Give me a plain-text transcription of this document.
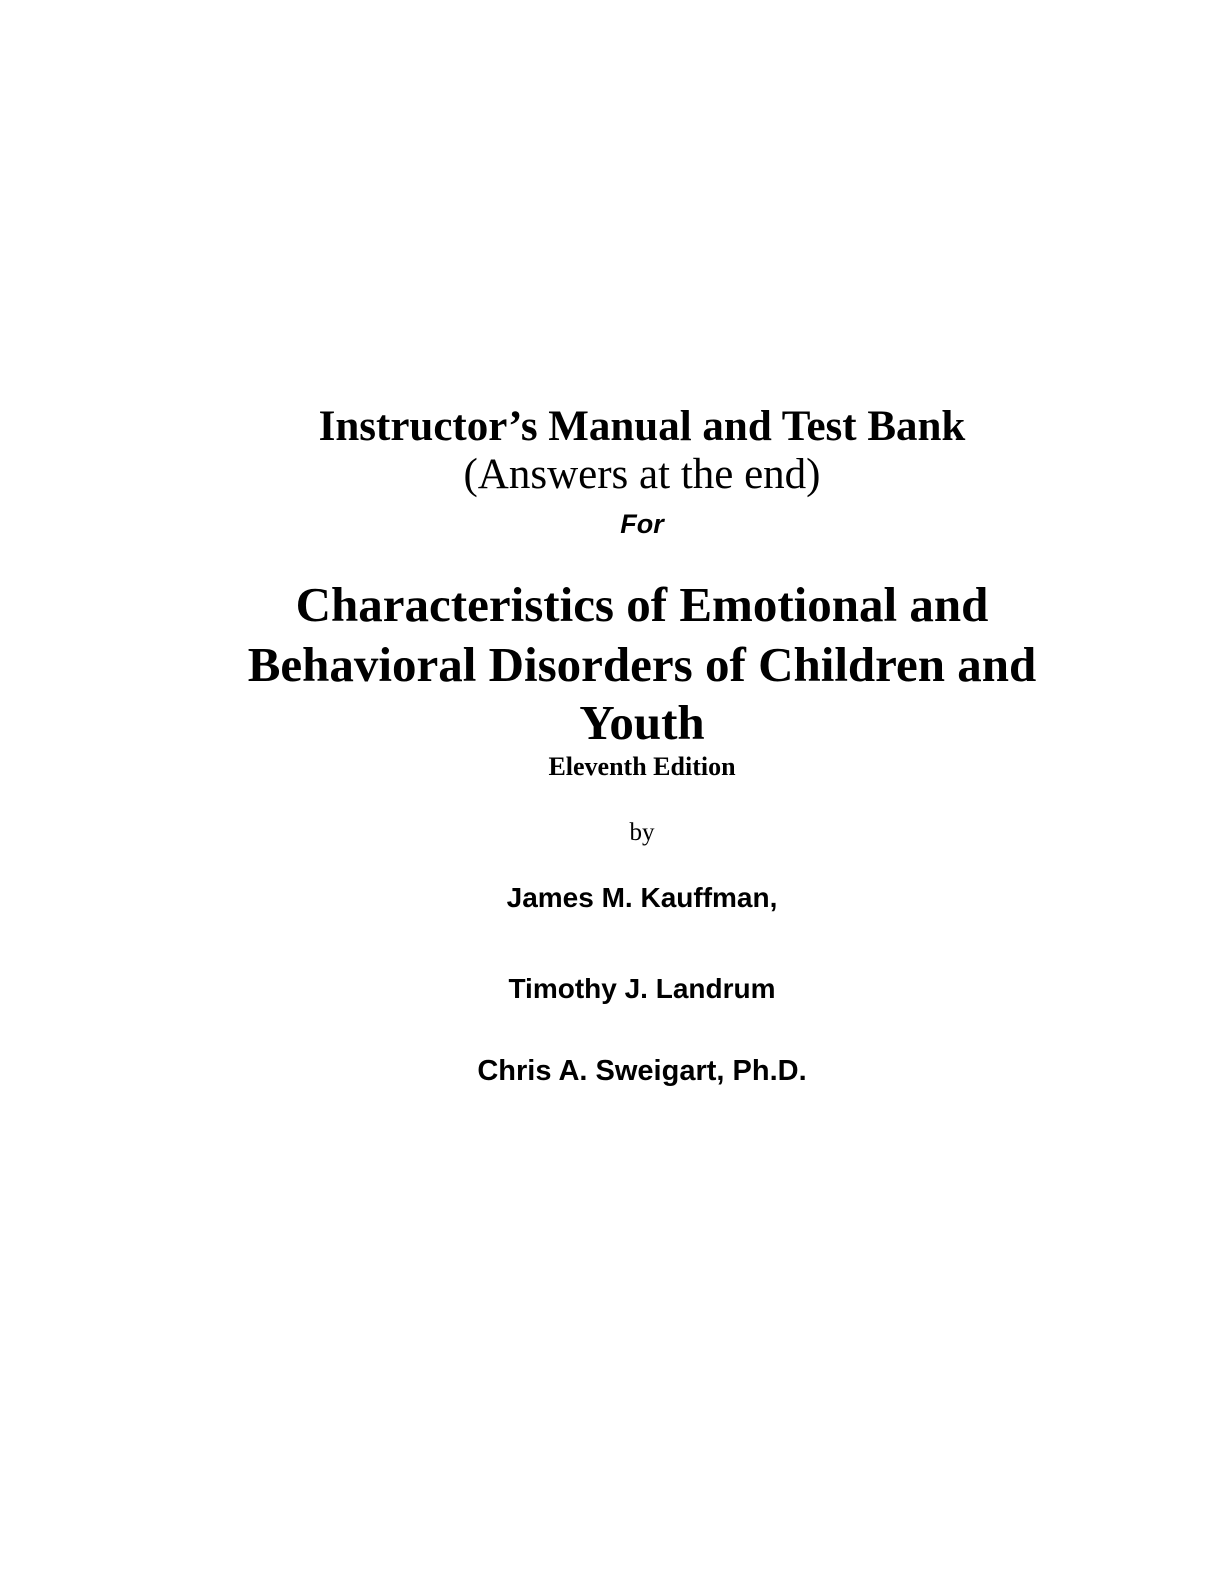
Instructor’s Manual and Test Bank

(Answers at the end)

For

Characteristics of Emotional and

Behavioral Disorders of Children and

Youth

Eleventh Edition

by

James M. Kauffman,

Timothy J. Landrum

Chris A. Sweigart, Ph.D.
